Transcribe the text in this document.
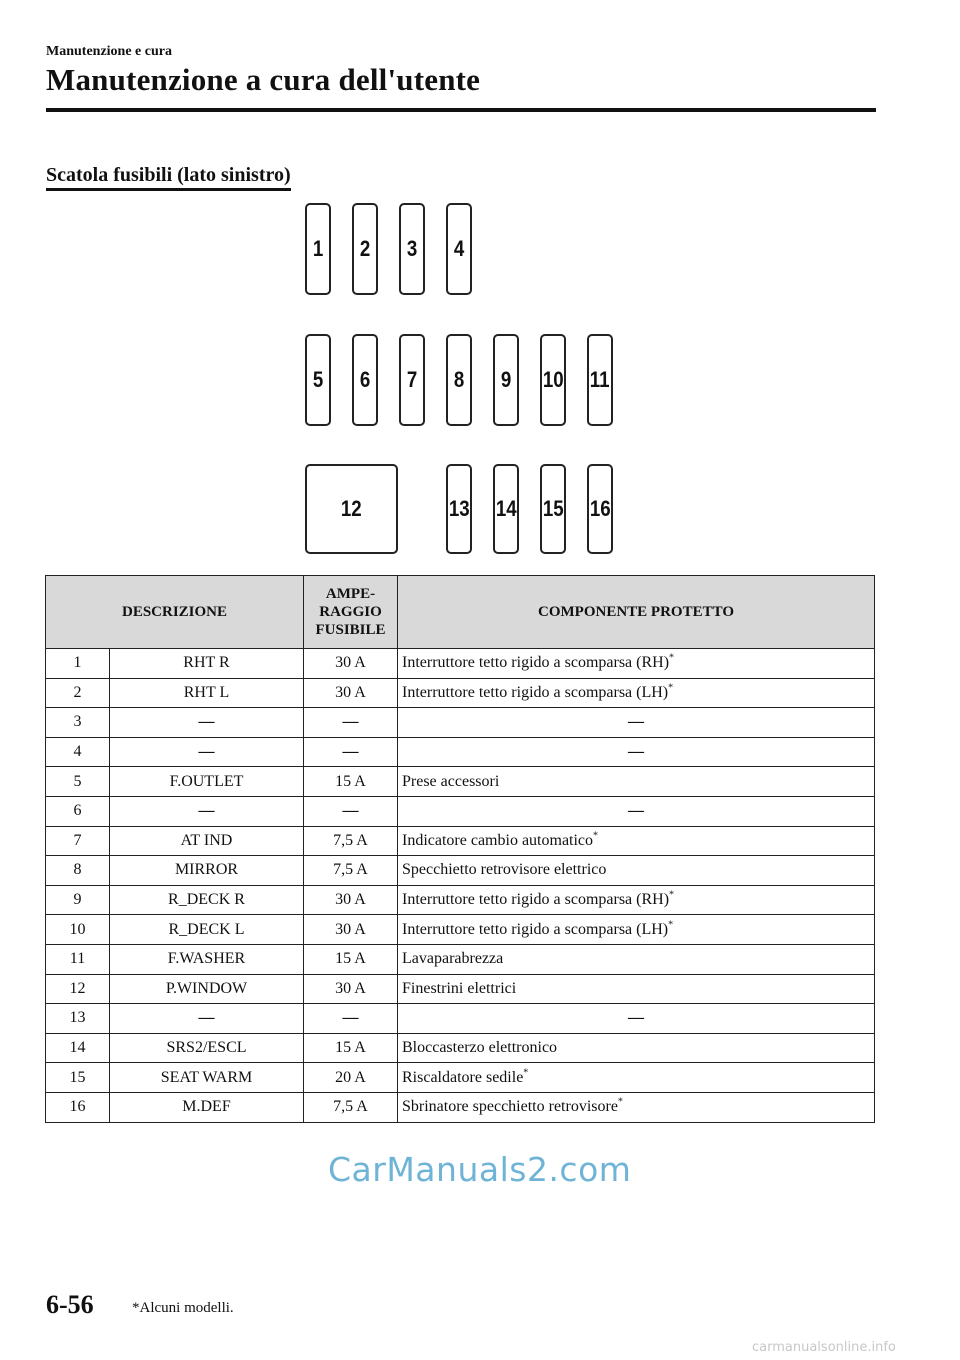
Manutenzione e cura
Manutenzione a cura dell'utente
Scatola fusibili (lato sinistro)
1 2 3 4
5 6 7 8 9 10 11
12	13 14 15 16
DESCRIZIONE		AMPE-
RAGGIO
FUSIBILE	COMPONENTE PROTETTO
1	RHT R	30 A	Interruttore tetto rigido a scomparsa (RH)*
2	RHT L	30 A	Interruttore tetto rigido a scomparsa (LH)*
3	—	—	—
4	—	—	—
5	F.OUTLET	15 A	Prese accessori
6	—	—	—
7	AT IND	7,5 A	Indicatore cambio automatico*
8	MIRROR	7,5 A	Specchietto retrovisore elettrico
9	R_DECK R	30 A	Interruttore tetto rigido a scomparsa (RH)*
10	R_DECK L	30 A	Interruttore tetto rigido a scomparsa (LH)*
11	F.WASHER	15 A	Lavaparabrezza
12	P.WINDOW	30 A	Finestrini elettrici
13	—	—	—
14	SRS2/ESCL	15 A	Bloccasterzo elettronico
15	SEAT WARM	20 A	Riscaldatore sedile*
16	M.DEF	7,5 A	Sbrinatore specchietto retrovisore*
CarManuals2.com
6-56	*Alcuni modelli.
carmanualsonline.info
